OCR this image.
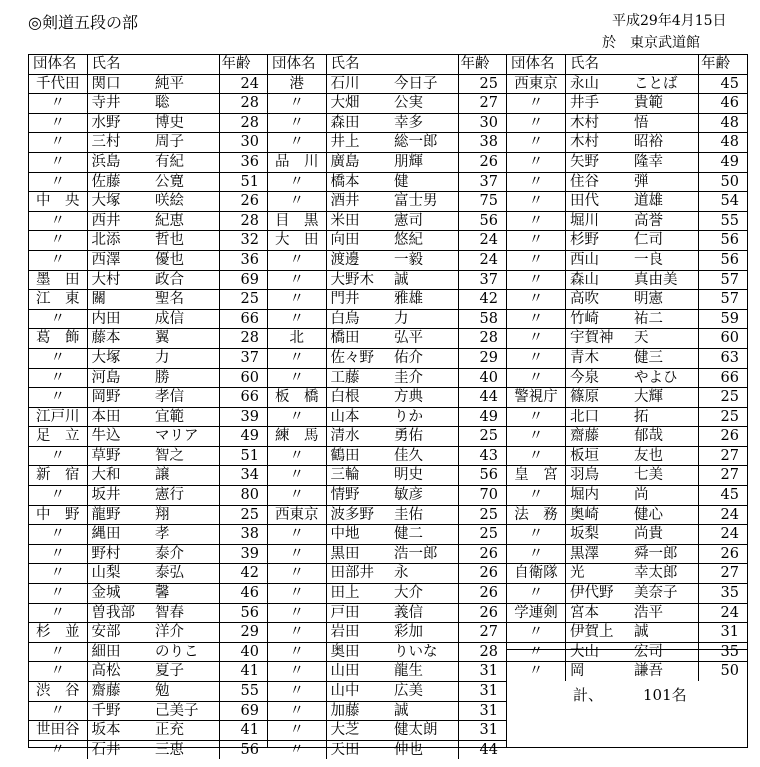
◎剣道五段の部	平成29年4月15日
於　東京武道館
団体名	氏名		年齢
千代田	関口	純平	24
〃	寺井	聡	28
〃	水野	博史	28
〃	三村	周子	30
〃	浜島	有紀	36
〃	佐藤	公寛	51
中　央	大塚	咲絵	26
〃	西井	紀恵	28
〃	北添	哲也	32
〃	西澤	優也	36
墨　田	大村	政合	69
江　東	關	聖名	25
〃	内田	成信	66
葛　飾	藤本	翼	28
〃	大塚	力	37
〃	河島	勝	60
〃	岡野	孝信	66
江戸川	本田	宜範	39
足　立	牛込	マリア	49
〃	草野	智之	51
新　宿	大和	譲	34
〃	坂井	憲行	80
中　野	龍野	翔	25
〃	縄田	孝	38
〃	野村	泰介	39
〃	山梨	泰弘	42
〃	金城	馨	46
〃	曽我部	智春	56
杉　並	安部	洋介	29
〃	細田	のりこ	40
〃	高松	夏子	41
渋　谷	齋藤	勉	55
〃	千野	己美子	69
世田谷	坂本	正充	41
〃	石井	三恵	56
団体名	氏名		年齢
港	石川	今日子	25
〃	大畑	公実	27
〃	森田	幸多	30
〃	井上	総一郎	38
品　川	廣島	朋輝	26
〃	橋本	健	37
〃	酒井	富士男	75
目　黒	米田	憲司	56
大　田	向田	悠紀	24
〃	渡邊	一毅	24
〃	大野木	誠	37
〃	門井	雅雄	42
〃	白鳥	力	58
北	橋田	弘平	28
〃	佐々野	佑介	29
〃	工藤	圭介	40
板　橋	白根	方典	44
〃	山本	りか	49
練　馬	清水	勇佑	25
〃	鶴田	佳久	43
〃	三輪	明史	56
〃	情野	敏彦	70
西東京	波多野	圭佑	25
〃	中地	健二	25
〃	黒田	浩一郎	26
〃	田部井	永	26
〃	田上	大介	26
〃	戸田	義信	26
〃	岩田	彩加	27
〃	奥田	りいな	28
〃	山田	龍生	31
〃	山中	広美	31
〃	加藤	誠	31
〃	大芝	健太朗	31
〃	天田	伸也	44
団体名	氏名		年齢
西東京	永山	ことば	45
〃	井手	貴範	46
〃	木村	悟	48
〃	木村	昭裕	48
〃	矢野	隆幸	49
〃	住谷	弾	50
〃	田代	道雄	54
〃	堀川	高誉	55
〃	杉野	仁司	56
〃	西山	一良	56
〃	森山	真由美	57
〃	高吹	明憲	57
〃	竹崎	祐二	59
〃	宇賀神	天	60
〃	青木	健三	63
〃	今泉	やよひ	66
警視庁	篠原	大輝	25
〃	北口	拓	25
〃	齋藤	郁哉	26
〃	板垣	友也	27
皇　宮	羽鳥	七美	27
〃	堀内	尚	45
法　務	奥崎	健心	24
〃	坂梨	尚貴	24
〃	黒澤	舜一郎	26
自衛隊	光	幸太郎	27
〃	伊代野	美奈子	35
学連剣	宮本	浩平	24
〃	伊賀上	誠	31
〃	大山	宏司	35
〃	岡	謙吾	50
計、	101名
